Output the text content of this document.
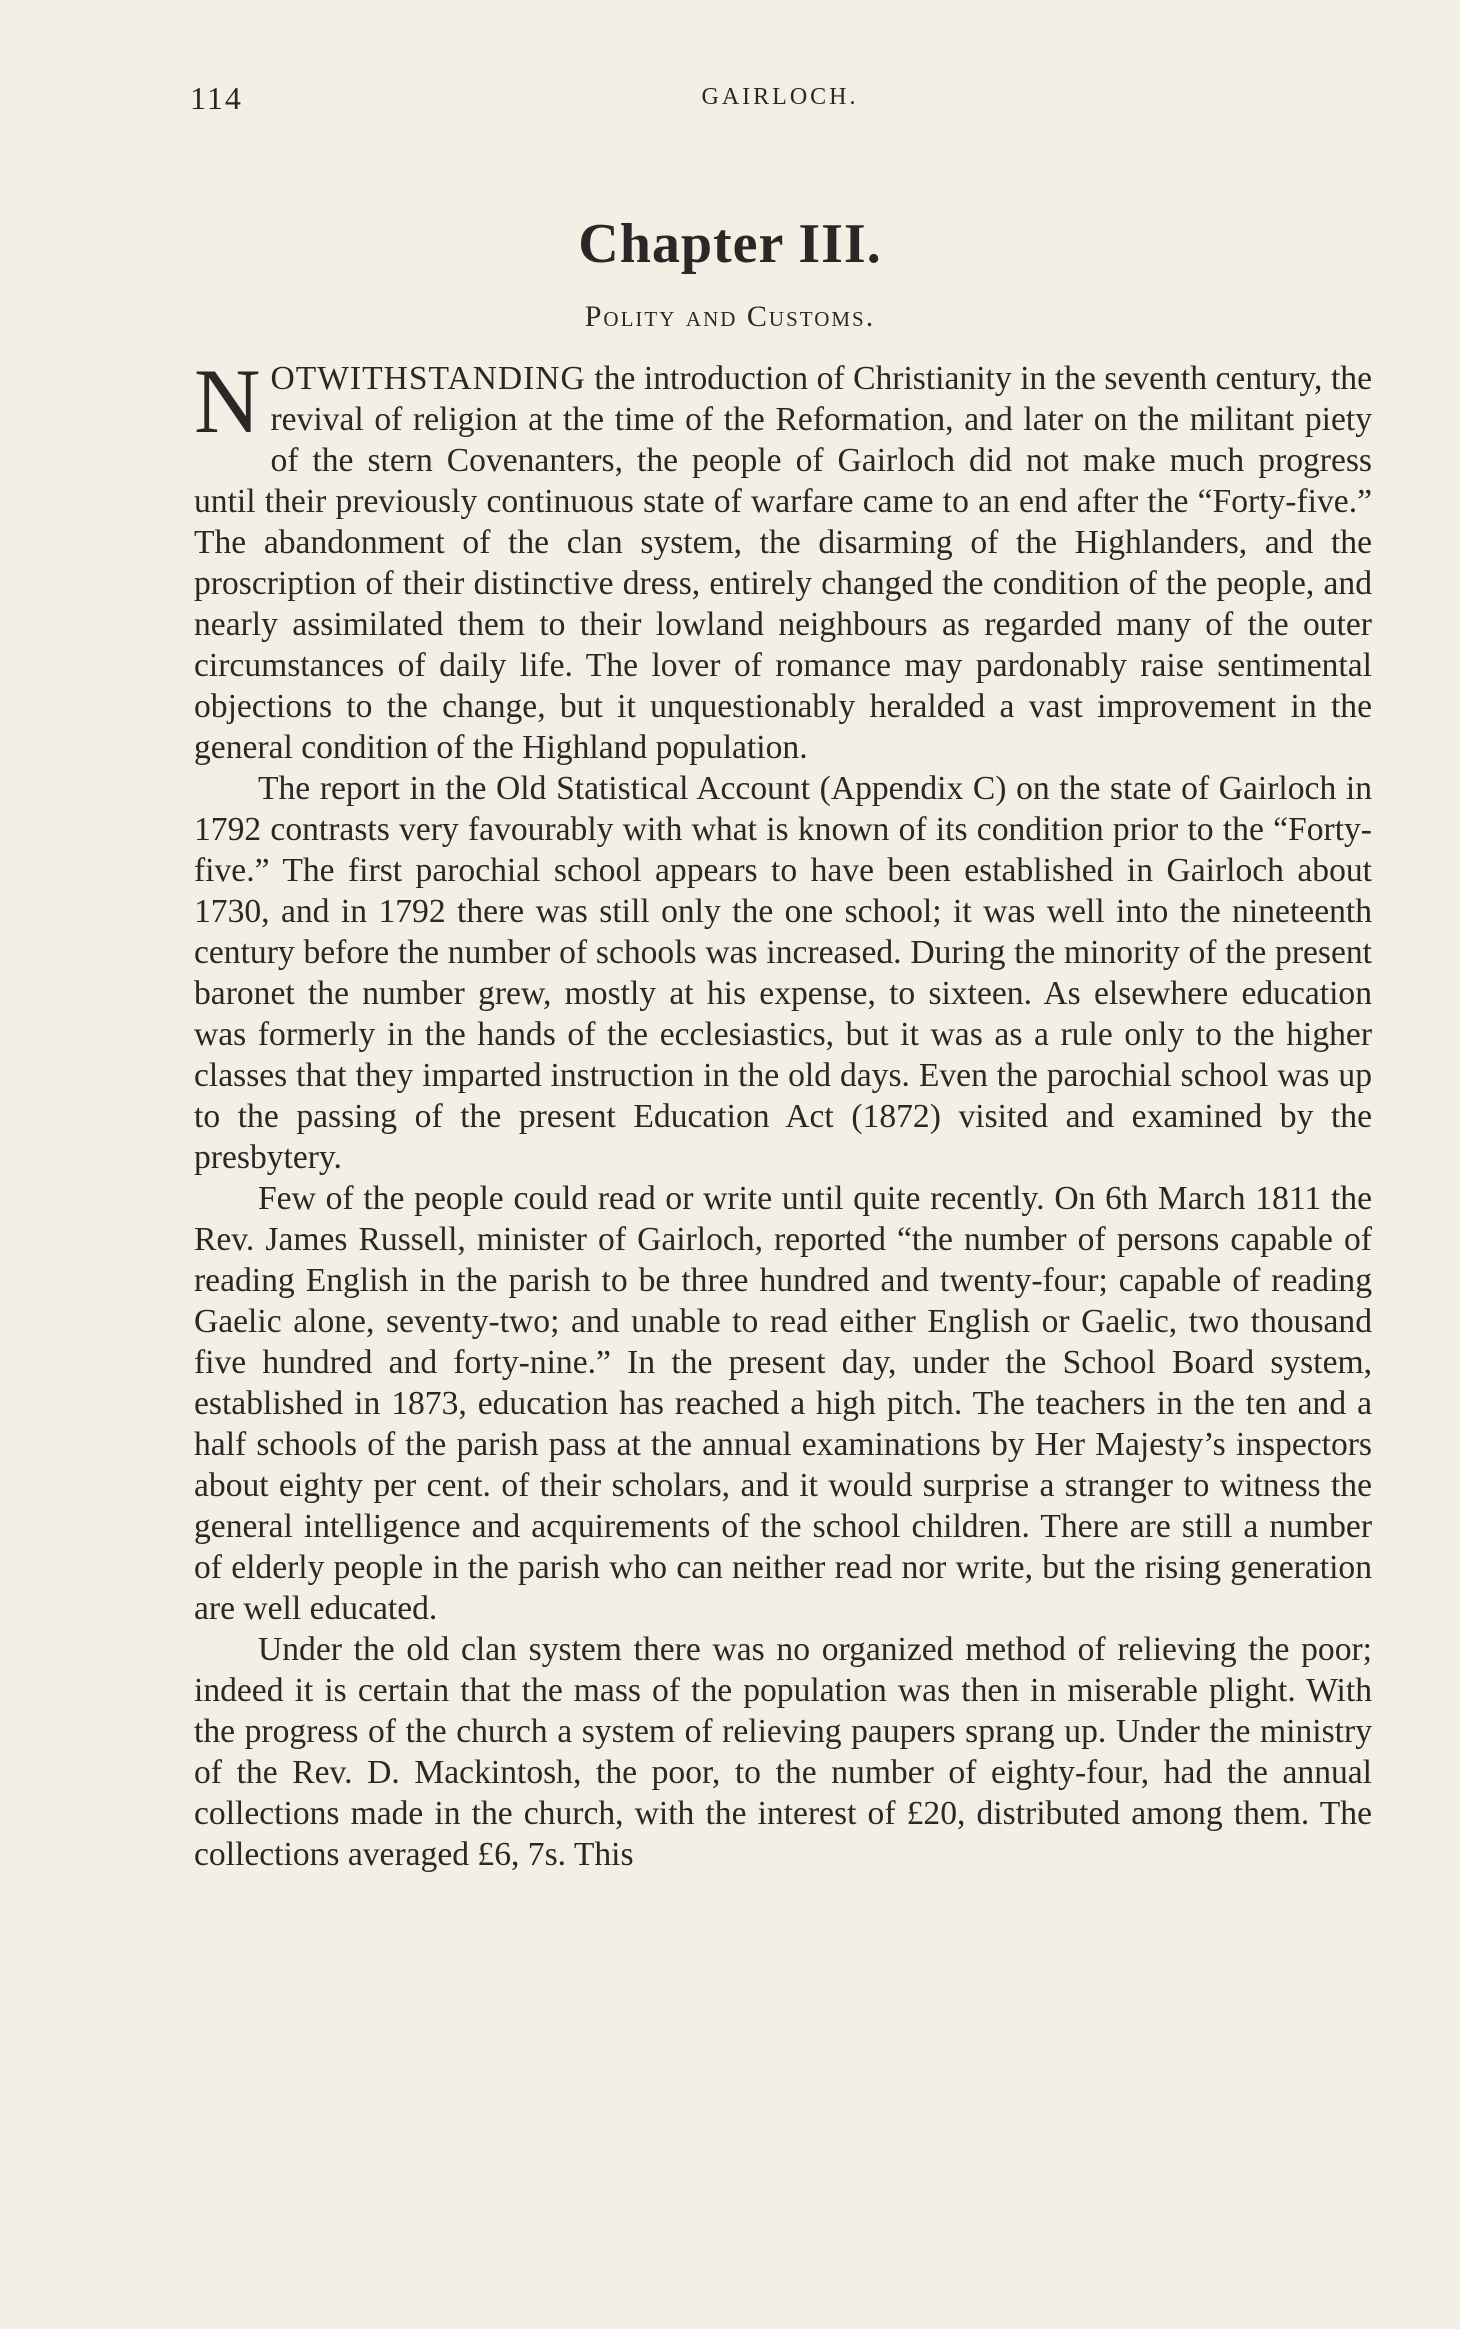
114	GAIRLOCH.
Chapter III.
Polity and Customs.

NOTWITHSTANDING the introduction of Christianity in the seventh century, the revival of religion at the time of the Reformation, and later on the militant piety of the stern Covenanters, the people of Gairloch did not make much progress until their previously continuous state of warfare came to an end after the “Forty-five.” The abandonment of the clan system, the disarming of the Highlanders, and the proscription of their distinctive dress, entirely changed the condition of the people, and nearly assimilated them to their lowland neighbours as regarded many of the outer circumstances of daily life. The lover of romance may pardonably raise sentimental objections to the change, but it unquestionably heralded a vast improvement in the general condition of the Highland population.

The report in the Old Statistical Account (Appendix C) on the state of Gairloch in 1792 contrasts very favourably with what is known of its condition prior to the “Forty-five.” The first parochial school appears to have been established in Gairloch about 1730, and in 1792 there was still only the one school; it was well into the nineteenth century before the number of schools was increased. During the minority of the present baronet the number grew, mostly at his expense, to sixteen. As elsewhere education was formerly in the hands of the ecclesiastics, but it was as a rule only to the higher classes that they imparted instruction in the old days. Even the parochial school was up to the passing of the present Education Act (1872) visited and examined by the presbytery.

Few of the people could read or write until quite recently. On 6th March 1811 the Rev. James Russell, minister of Gairloch, reported “the number of persons capable of reading English in the parish to be three hundred and twenty-four; capable of reading Gaelic alone, seventy-two; and unable to read either English or Gaelic, two thousand five hundred and forty-nine.” In the present day, under the School Board system, established in 1873, education has reached a high pitch. The teachers in the ten and a half schools of the parish pass at the annual examinations by Her Majesty’s inspectors about eighty per cent. of their scholars, and it would surprise a stranger to witness the general intelligence and acquirements of the school children. There are still a number of elderly people in the parish who can neither read nor write, but the rising generation are well educated.

Under the old clan system there was no organized method of relieving the poor; indeed it is certain that the mass of the population was then in miserable plight. With the progress of the church a system of relieving paupers sprang up. Under the ministry of the Rev. D. Mackintosh, the poor, to the number of eighty-four, had the annual collections made in the church, with the interest of £20, distributed among them. The collections averaged £6, 7s. This
